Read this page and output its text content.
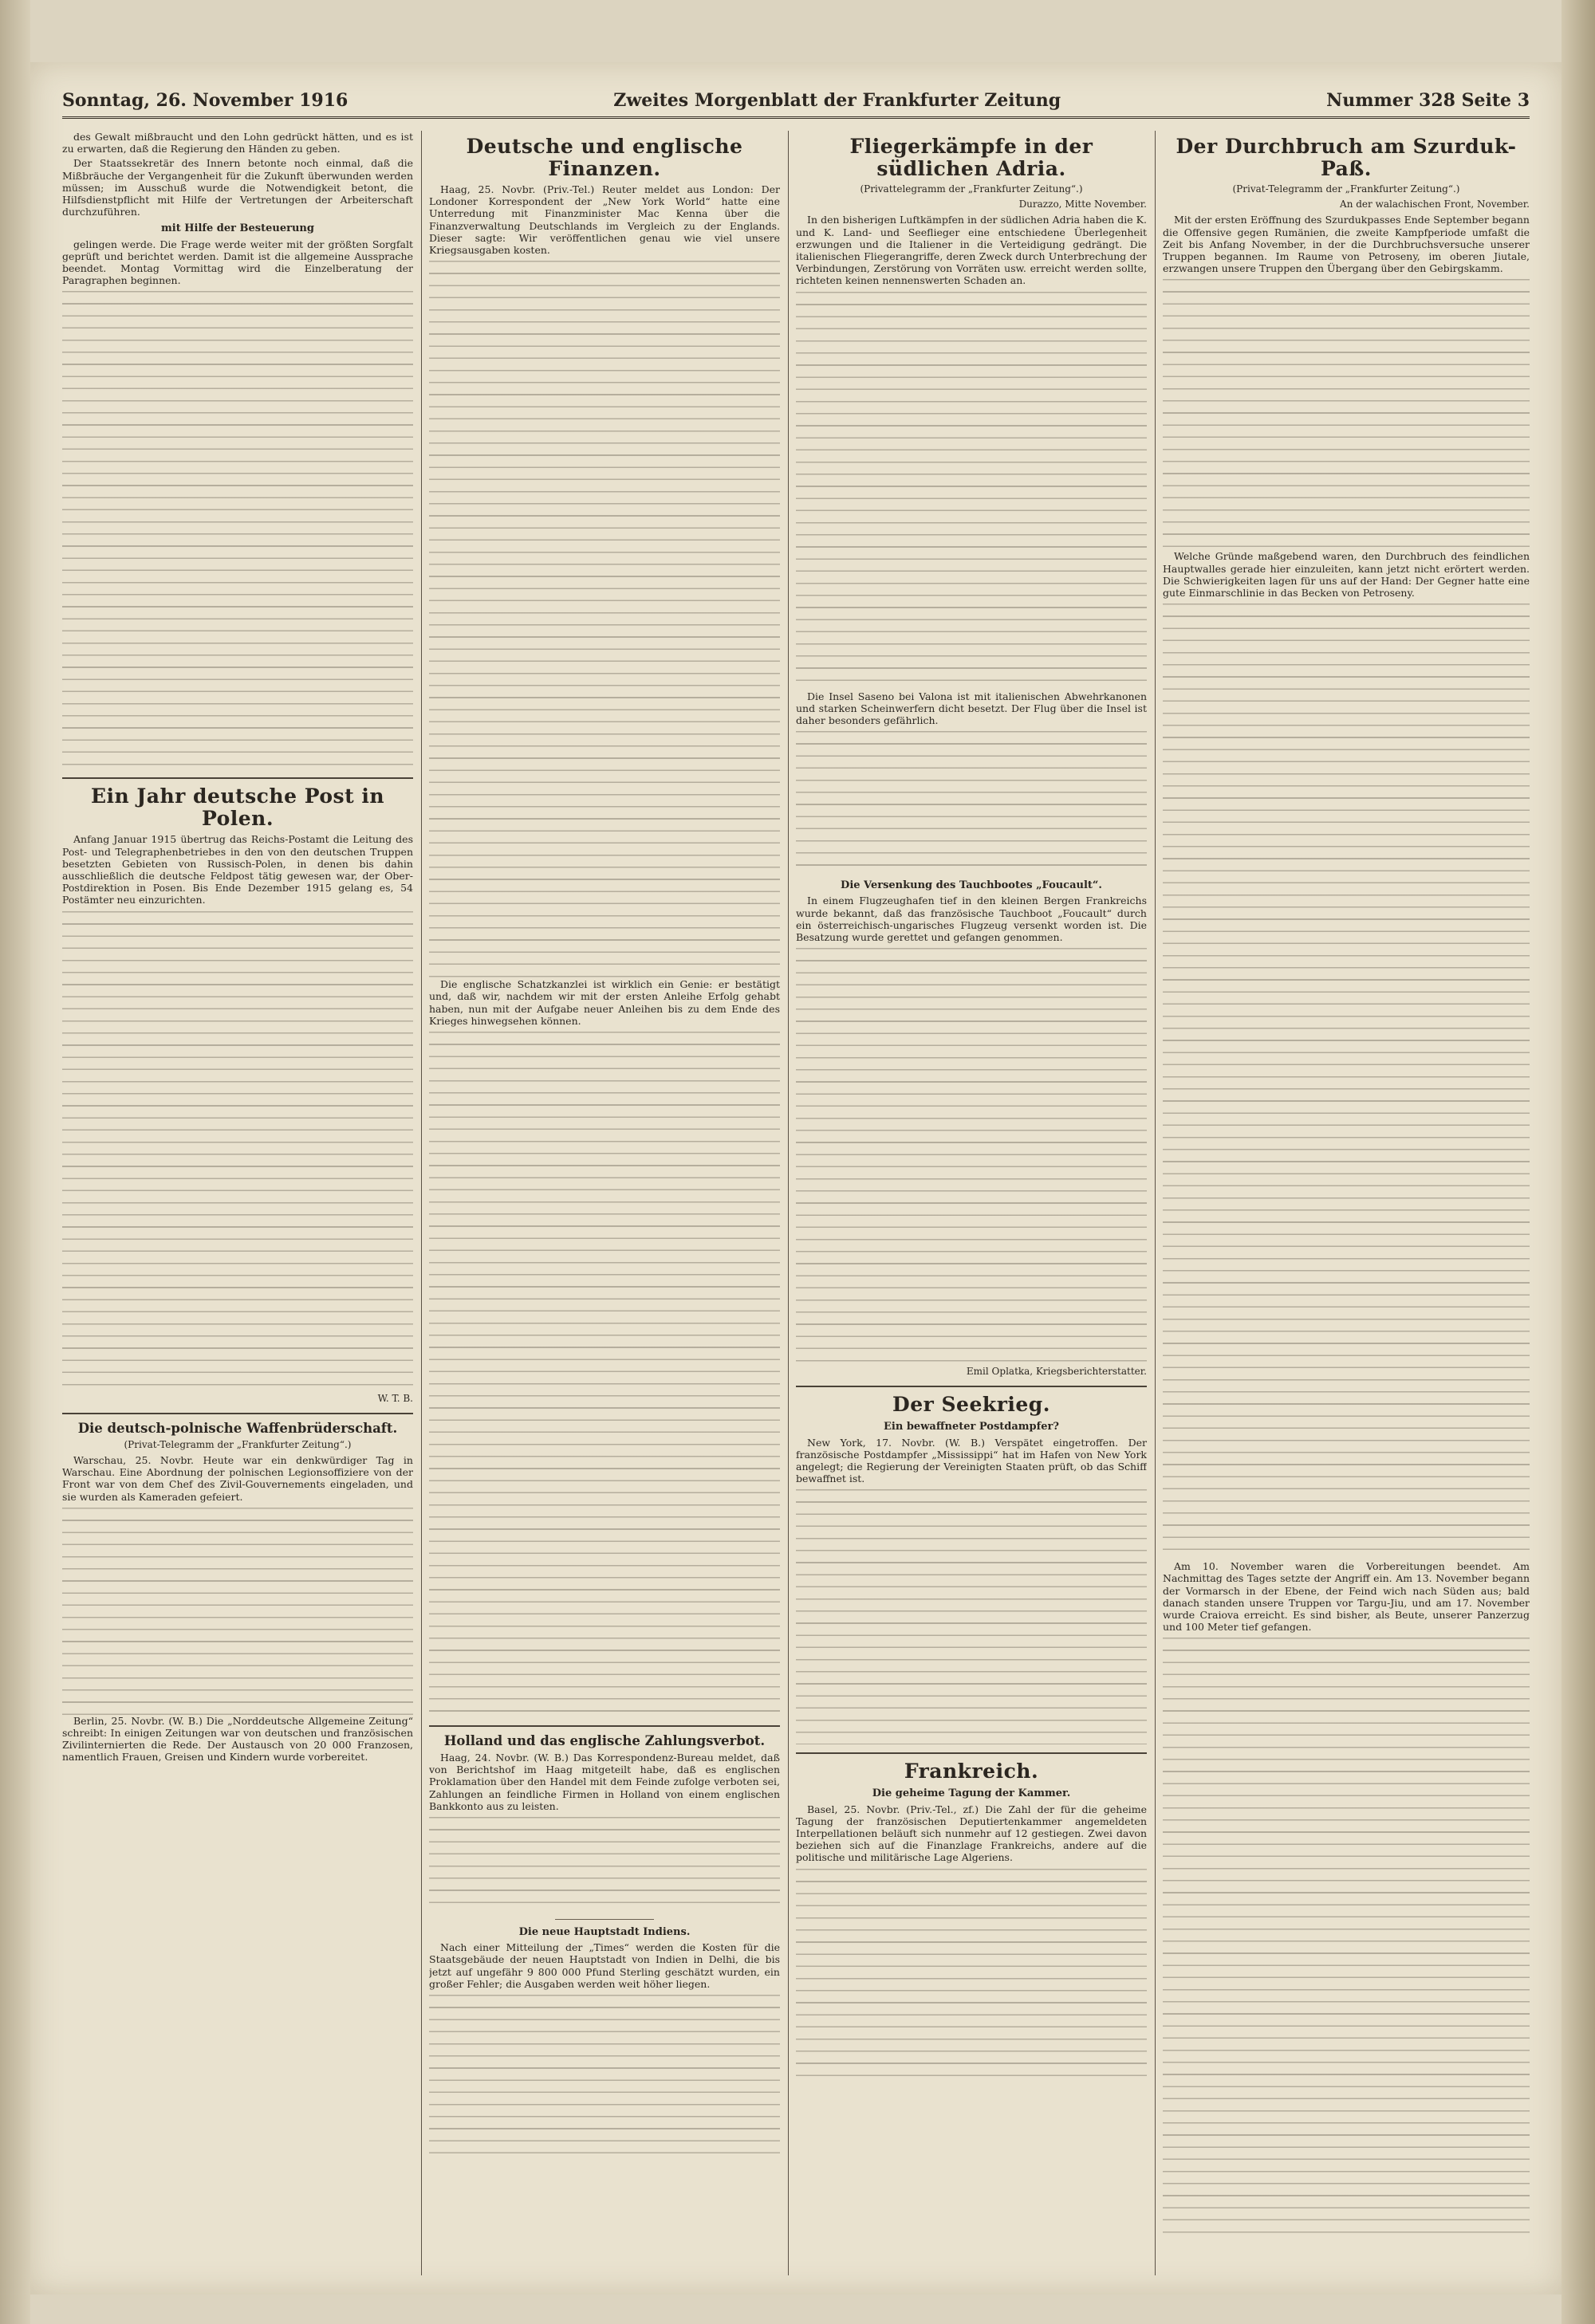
Sonntag, 26. November 1916	Zweites Morgenblatt der Frankfurter Zeitung	Nummer 328 Seite 3

des Gewalt mißbraucht und den Lohn gedrückt hätten, und es ist zu erwarten, daß die Regierung den Händen zu geben.

Der Staatssekretär des Innern betonte noch einmal, daß die Mißbräuche der Vergangenheit für die Zukunft überwunden werden müssen; im Ausschuß wurde die Notwendigkeit betont, die Hilfsdienstpflicht mit Hilfe der Vertretungen der Arbeiterschaft durchzuführen.

mit Hilfe der Besteuerung

gelingen werde. Die Frage werde weiter mit der größten Sorgfalt geprüft und berichtet werden. Damit ist die allgemeine Aussprache beendet. Montag Vormittag wird die Einzelberatung der Paragraphen beginnen.

Ein Jahr deutsche Post in Polen.

Anfang Januar 1915 übertrug das Reichs-Postamt die Leitung des Post- und Telegraphenbetriebes in den von den deutschen Truppen besetzten Gebieten von Russisch-Polen, in denen bis dahin ausschließlich die deutsche Feldpost tätig gewesen war, der Ober-Postdirektion in Posen. Bis Ende Dezember 1915 gelang es, 54 Postämter neu einzurichten.

W. T. B.
Die deutsch-polnische Waffenbrüderschaft.
(Privat-Telegramm der „Frankfurter Zeitung“.)

Warschau, 25. Novbr. Heute war ein denkwürdiger Tag in Warschau. Eine Abordnung der polnischen Legionsoffiziere von der Front war von dem Chef des Zivil-Gouvernements eingeladen, und sie wurden als Kameraden gefeiert.

Berlin, 25. Novbr. (W. B.) Die „Norddeutsche Allgemeine Zeitung“ schreibt: In einigen Zeitungen war von deutschen und französischen Zivilinternierten die Rede. Der Austausch von 20 000 Franzosen, namentlich Frauen, Greisen und Kindern wurde vorbereitet.

Deutsche und englische Finanzen.

Haag, 25. Novbr. (Priv.-Tel.) Reuter meldet aus London: Der Londoner Korrespondent der „New York World“ hatte eine Unterredung mit Finanzminister Mac Kenna über die Finanzverwaltung Deutschlands im Vergleich zu der Englands. Dieser sagte: Wir veröffentlichen genau wie viel unsere Kriegsausgaben kosten.

Die englische Schatzkanzlei ist wirklich ein Genie: er bestätigt und, daß wir, nachdem wir mit der ersten Anleihe Erfolg gehabt haben, nun mit der Aufgabe neuer Anleihen bis zu dem Ende des Krieges hinwegsehen können.

Holland und das englische Zahlungsverbot.

Haag, 24. Novbr. (W. B.) Das Korrespondenz-Bureau meldet, daß von Berichtshof im Haag mitgeteilt habe, daß es englischen Proklamation über den Handel mit dem Feinde zufolge verboten sei, Zahlungen an feindliche Firmen in Holland von einem englischen Bankkonto aus zu leisten.

Die neue Hauptstadt Indiens.

Nach einer Mitteilung der „Times“ werden die Kosten für die Staatsgebäude der neuen Hauptstadt von Indien in Delhi, die bis jetzt auf ungefähr 9 800 000 Pfund Sterling geschätzt wurden, ein großer Fehler; die Ausgaben werden weit höher liegen.

Fliegerkämpfe in der südlichen Adria.
(Privattelegramm der „Frankfurter Zeitung“.)
Durazzo, Mitte November.

In den bisherigen Luftkämpfen in der südlichen Adria haben die K. und K. Land- und Seeflieger eine entschiedene Überlegenheit erzwungen und die Italiener in die Verteidigung gedrängt. Die italienischen Fliegerangriffe, deren Zweck durch Unterbrechung der Verbindungen, Zerstörung von Vorräten usw. erreicht werden sollte, richteten keinen nennenswerten Schaden an.

Die Insel Saseno bei Valona ist mit italienischen Abwehrkanonen und starken Scheinwerfern dicht besetzt. Der Flug über die Insel ist daher besonders gefährlich.

Die Versenkung des Tauchbootes „Foucault“.

In einem Flugzeughafen tief in den kleinen Bergen Frankreichs wurde bekannt, daß das französische Tauchboot „Foucault“ durch ein österreichisch-ungarisches Flugzeug versenkt worden ist. Die Besatzung wurde gerettet und gefangen genommen.

Emil Oplatka, Kriegsberichterstatter.
Der Seekrieg.
Ein bewaffneter Postdampfer?

New York, 17. Novbr. (W. B.) Verspätet eingetroffen. Der französische Postdampfer „Mississippi“ hat im Hafen von New York angelegt; die Regierung der Vereinigten Staaten prüft, ob das Schiff bewaffnet ist.

Frankreich.
Die geheime Tagung der Kammer.

Basel, 25. Novbr. (Priv.-Tel., zf.) Die Zahl der für die geheime Tagung der französischen Deputiertenkammer angemeldeten Interpellationen beläuft sich nunmehr auf 12 gestiegen. Zwei davon beziehen sich auf die Finanzlage Frankreichs, andere auf die politische und militärische Lage Algeriens.

Der Durchbruch am Szurduk-Paß.
(Privat-Telegramm der „Frankfurter Zeitung“.)
An der walachischen Front, November.

Mit der ersten Eröffnung des Szurdukpasses Ende September begann die Offensive gegen Rumänien, die zweite Kampfperiode umfaßt die Zeit bis Anfang November, in der die Durchbruchsversuche unserer Truppen begannen. Im Raume von Petroseny, im oberen Jiutale, erzwangen unsere Truppen den Übergang über den Gebirgskamm.

Welche Gründe maßgebend waren, den Durchbruch des feindlichen Hauptwalles gerade hier einzuleiten, kann jetzt nicht erörtert werden. Die Schwierigkeiten lagen für uns auf der Hand: Der Gegner hatte eine gute Einmarschlinie in das Becken von Petroseny.

Am 10. November waren die Vorbereitungen beendet. Am Nachmittag des Tages setzte der Angriff ein. Am 13. November begann der Vormarsch in der Ebene, der Feind wich nach Süden aus; bald danach standen unsere Truppen vor Targu-Jiu, und am 17. November wurde Craiova erreicht. Es sind bisher, als Beute, unserer Panzerzug und 100 Meter tief gefangen.
